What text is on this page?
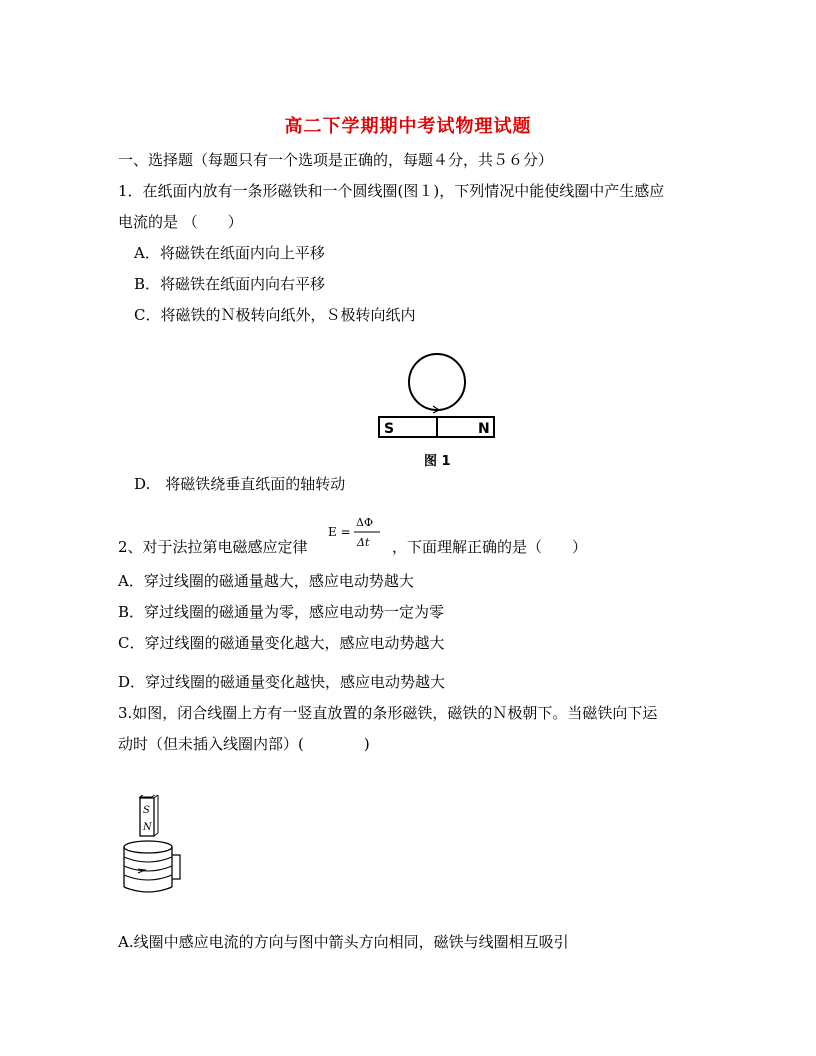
高二下学期期中考试物理试题
一、选择题（每题只有一个选项是正确的，每题４分，共５６分）
1．在纸面内放有一条形磁铁和一个圆线圈(图１)，下列情况中能使线圈中产生感应
电流的是 （　　）
A．将磁铁在纸面内向上平移
B．将磁铁在纸面内向右平移
C．将磁铁的Ｎ极转向纸外，Ｓ极转向纸内
S	N
图 1
D.　将磁铁绕垂直纸面的轴转动
2、对于法拉第电磁感应定律
E =
ΔΦ
Δt ，下面理解正确的是（　　）
A．穿过线圈的磁通量越大，感应电动势越大
B．穿过线圈的磁通量为零，感应电动势一定为零
C．穿过线圈的磁通量变化越大，感应电动势越大
D．穿过线圈的磁通量变化越快，感应电动势越大
3.如图，闭合线圈上方有一竖直放置的条形磁铁，磁铁的Ｎ极朝下。当磁铁向下运
动时（但未插入线圈内部）(　　　　)
S
N
A.线圈中感应电流的方向与图中箭头方向相同，磁铁与线圈相互吸引
